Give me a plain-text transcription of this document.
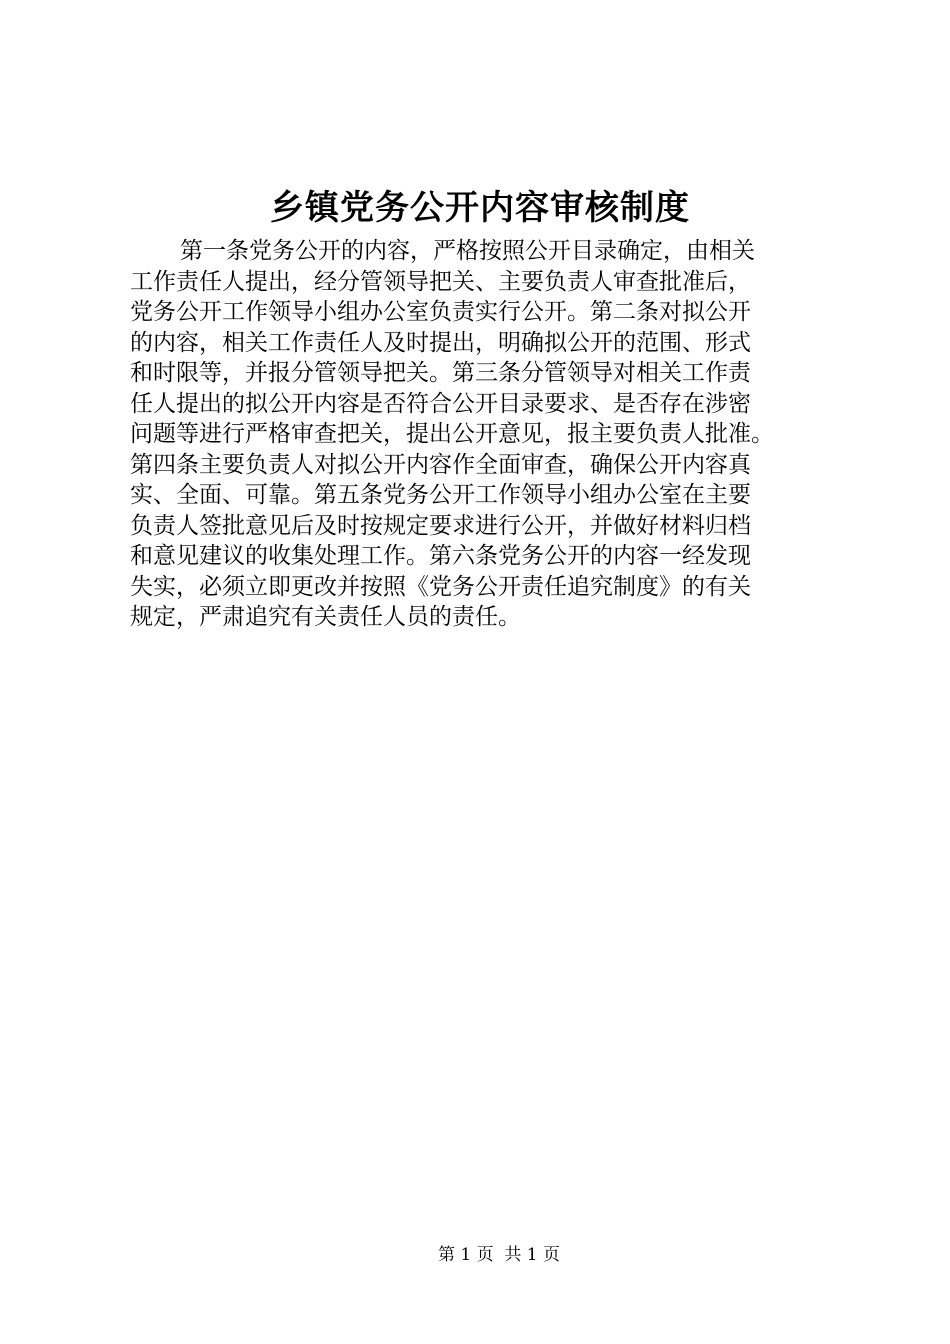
乡镇党务公开内容审核制度
第一条党务公开的内容，严格按照公开目录确定，由相关
工作责任人提出，经分管领导把关、主要负责人审查批准后，
党务公开工作领导小组办公室负责实行公开。第二条对拟公开
的内容，相关工作责任人及时提出，明确拟公开的范围、形式
和时限等，并报分管领导把关。第三条分管领导对相关工作责
任人提出的拟公开内容是否符合公开目录要求、是否存在涉密
问题等进行严格审查把关，提出公开意见，报主要负责人批准。
第四条主要负责人对拟公开内容作全面审查，确保公开内容真
实、全面、可靠。第五条党务公开工作领导小组办公室在主要
负责人签批意见后及时按规定要求进行公开，并做好材料归档
和意见建议的收集处理工作。第六条党务公开的内容一经发现
失实，必须立即更改并按照《党务公开责任追究制度》的有关
规定，严肃追究有关责任人员的责任。
第 1 页  共 1 页
